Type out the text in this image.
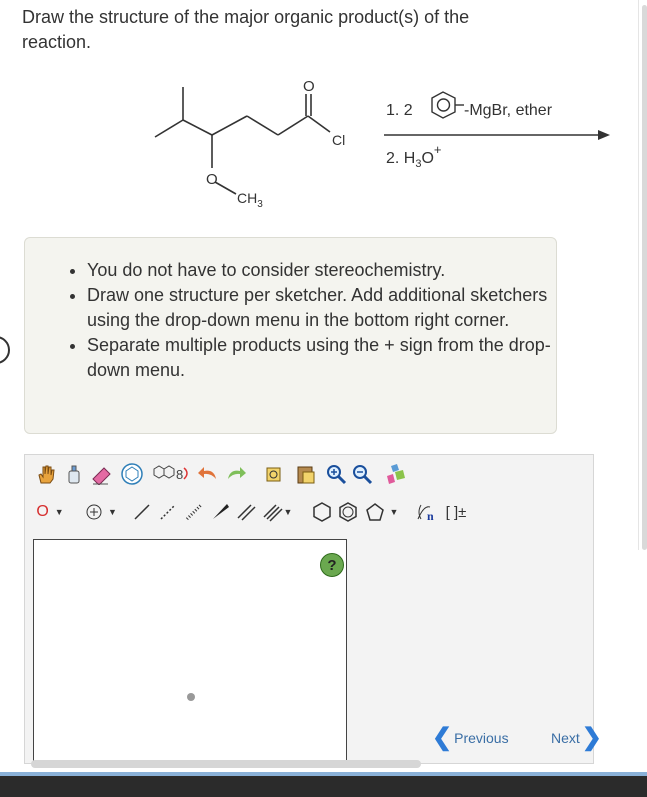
Draw the structure of the major organic product(s) of the reaction.
O
Cl
O
$CH_3$
1. 2	-MgBr, ether
2. $H_3O^+$
• You do not have to consider stereochemistry.
• Draw one structure per sketcher. Add additional sketchers using the drop-down menu in the bottom right corner.
• Separate multiple products using the + sign from the drop-down menu.
8
O ▼	▼	▼	▼ n [ ]±
?
❮ Previous	Next ❯
